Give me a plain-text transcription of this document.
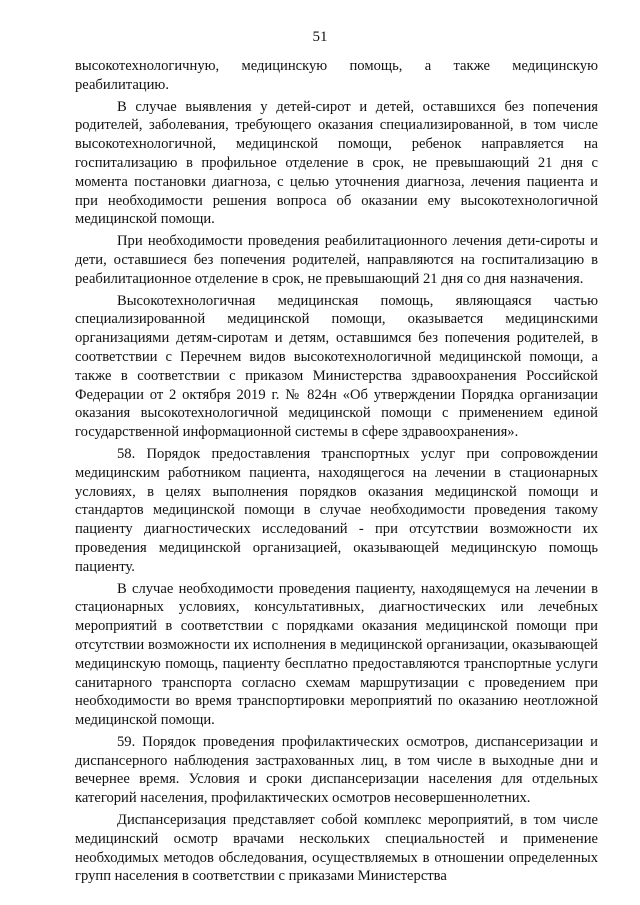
51

высокотехнологичную, медицинскую помощь, а также медицинскую реабилитацию.

В случае выявления у детей-сирот и детей, оставшихся без попечения родителей, заболевания, требующего оказания специализированной, в том числе высокотехнологичной, медицинской помощи, ребенок направляется на госпитализацию в профильное отделение в срок, не превышающий 21 дня с момента постановки диагноза, с целью уточнения диагноза, лечения пациента и при необходимости решения вопроса об оказании ему высокотехнологичной медицинской помощи.

При необходимости проведения реабилитационного лечения дети-сироты и дети, оставшиеся без попечения родителей, направляются на госпитализацию в реабилитационное отделение в срок, не превышающий 21 дня со дня назначения.

Высокотехнологичная медицинская помощь, являющаяся частью специализированной медицинской помощи, оказывается медицинскими организациями детям-сиротам и детям, оставшимся без попечения родителей, в соответствии с Перечнем видов высокотехнологичной медицинской помощи, а также в соответствии с приказом Министерства здравоохранения Российской Федерации от 2 октября 2019 г. № 824н «Об утверждении Порядка организации оказания высокотехнологичной медицинской помощи с применением единой государственной информационной системы в сфере здравоохранения».

58. Порядок предоставления транспортных услуг при сопровождении медицинским работником пациента, находящегося на лечении в стационарных условиях, в целях выполнения порядков оказания медицинской помощи и стандартов медицинской помощи в случае необходимости проведения такому пациенту диагностических исследований - при отсутствии возможности их проведения медицинской организацией, оказывающей медицинскую помощь пациенту.

В случае необходимости проведения пациенту, находящемуся на лечении в стационарных условиях, консультативных, диагностических или лечебных мероприятий в соответствии с порядками оказания медицинской помощи при отсутствии возможности их исполнения в медицинской организации, оказывающей медицинскую помощь, пациенту бесплатно предоставляются транспортные услуги санитарного транспорта согласно схемам маршрутизации с проведением при необходимости во время транспортировки мероприятий по оказанию неотложной медицинской помощи.

59. Порядок проведения профилактических осмотров, диспансеризации и диспансерного наблюдения застрахованных лиц, в том числе в выходные дни и вечернее время. Условия и сроки диспансеризации населения для отдельных категорий населения, профилактических осмотров несовершеннолетних.

Диспансеризация представляет собой комплекс мероприятий, в том числе медицинский осмотр врачами нескольких специальностей и применение необходимых методов обследования, осуществляемых в отношении определенных групп населения в соответствии с приказами Министерства
